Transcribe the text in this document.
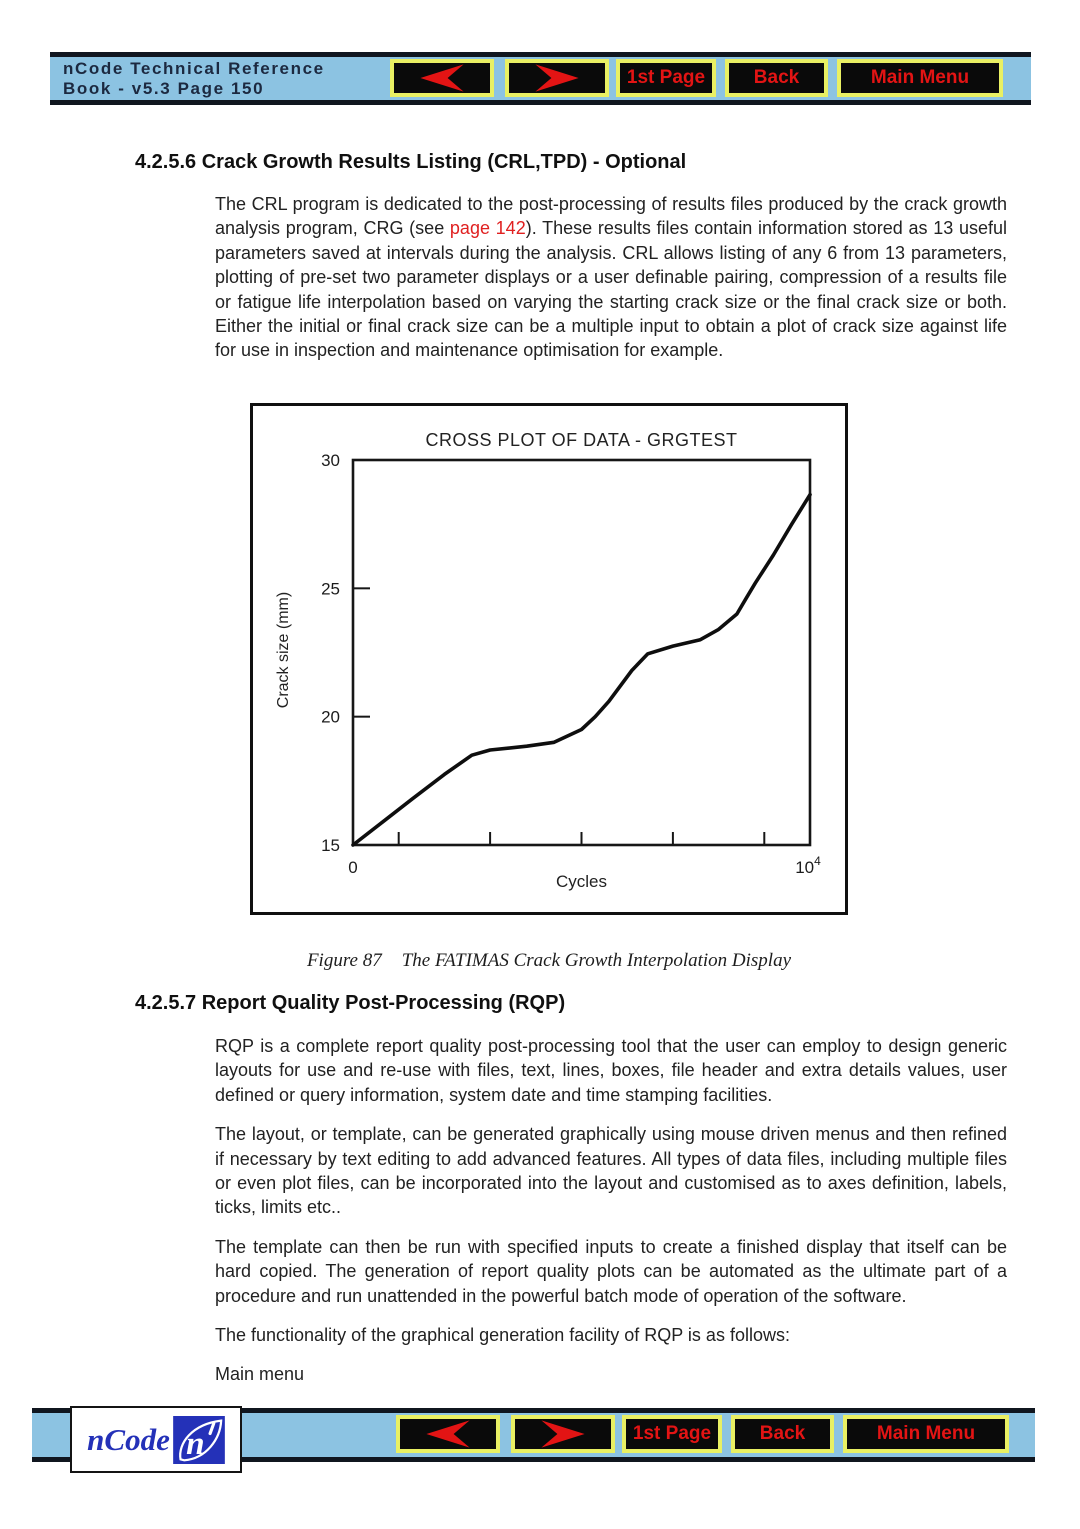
nCode Technical Reference
Book - v5.3 Page 150
1st Page	Back	Main Menu
4.2.5.6 Crack Growth Results Listing (CRL,TPD) - Optional
The CRL program is dedicated to the post-processing of results files produced by the crack growth analysis program, CRG (see page 142). These results files contain information stored as 13 useful parameters saved at intervals during the analysis. CRL allows listing of any 6 from 13 parameters, plotting of pre-set two parameter displays or a user definable pairing, compression of a results file or fatigue life interpolation based on varying the starting crack size or the final crack size or both. Either the initial or final crack size can be a multiple input to obtain a plot of crack size against life for use in inspection and maintenance optimisation for example.
15
20
25
30
0	$10^4$
CROSS PLOT OF DATA - GRGTEST
Crack size (mm)
Cycles
Figure 87 The FATIMAS Crack Growth Interpolation Display
4.2.5.7 Report Quality Post-Processing (RQP)

RQP is a complete report quality post-processing tool that the user can employ to design generic layouts for use and re-use with files, text, lines, boxes, file header and extra details values, user defined or query information, system date and time stamping facilities.

The layout, or template, can be generated graphically using mouse driven menus and then refined if necessary by text editing to add advanced features. All types of data files, including multiple files or even plot files, can be incorporated into the layout and customised as to axes definition, labels, ticks, limits etc..

The template can then be run with specified inputs to create a finished display that itself can be hard copied. The generation of report quality plots can be automated as the ultimate part of a procedure and run unattended in the powerful batch mode of operation of the software.

The functionality of the graphical generation facility of RQP is as follows:

Main menu

nCode n	1st Page	Back	Main Menu
